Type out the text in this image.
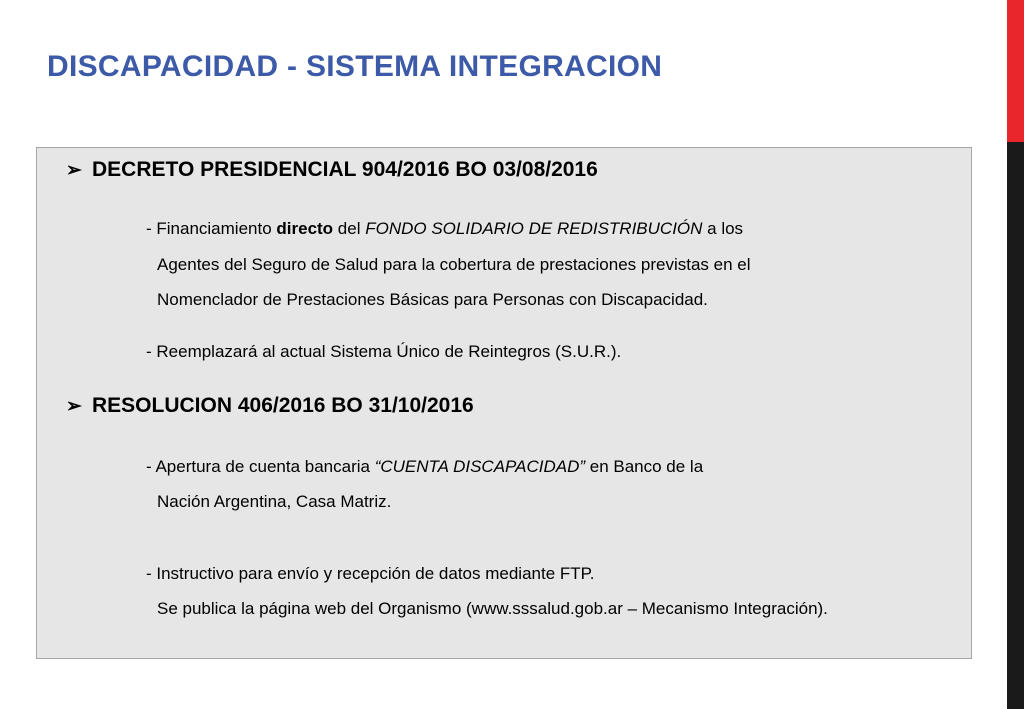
DISCAPACIDAD - SISTEMA INTEGRACION
➢ DECRETO PRESIDENCIAL 904/2016 BO 03/08/2016
- Financiamiento directo del FONDO SOLIDARIO DE REDISTRIBUCIÓN a los
Agentes del Seguro de Salud para la cobertura de prestaciones previstas en el
Nomenclador de Prestaciones Básicas para Personas con Discapacidad.
- Reemplazará al actual Sistema Único de Reintegros (S.U.R.).
➢ RESOLUCION 406/2016 BO 31/10/2016
- Apertura de cuenta bancaria “CUENTA DISCAPACIDAD” en Banco de la
Nación Argentina, Casa Matriz.
- Instructivo para envío y recepción de datos mediante FTP.
Se publica la página web del Organismo (www.sssalud.gob.ar – Mecanismo Integración).
